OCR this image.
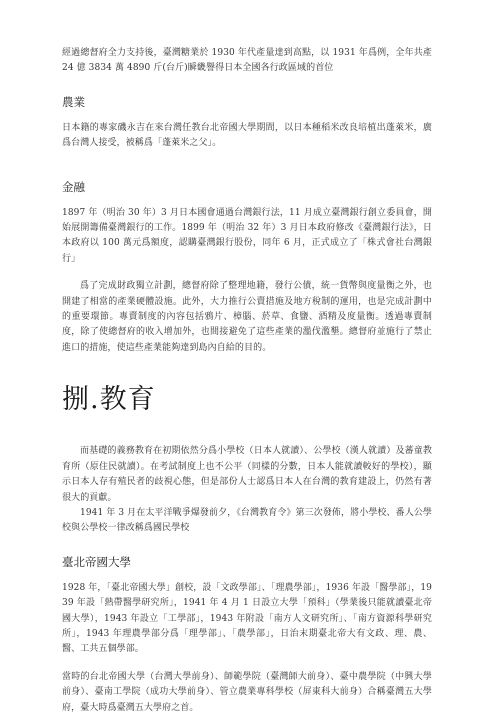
經過總督府全力支持後，臺灣糖業於 1930 年代產量達到高點，以 1931 年爲例，全年共產 24 億 3834 萬 4890 斤(台斤)瞬畿譽得日本全國各行政區域的首位

農業

日本籍的專家磯永吉在來台灣任教台北帝國大學期間，以日本種稻米改良培植出蓬萊米，廣爲台灣人接受，被稱爲「蓬萊米之父」。

金融

1897 年（明治 30 年）3 月日本國會通過台灣銀行法，11 月成立臺灣銀行創立委員會，開始展開籌備臺灣銀行的工作。1899 年（明治 32 年）3 月日本政府修改《臺灣銀行法》，日本政府以 100 萬元爲額度，認購臺灣銀行股份，同年 6 月，正式成立了「株式會社台灣銀行」

爲了完成財政獨立計劃，總督府除了整理地籍，發行公債，統一貨幣與度量衡之外，也開建了相當的產業硬體設施。此外，大力推行公賣措施及地方稅制的運用，也是完成計劃中的重要環節。專賣制度的內容包括鴉片、樟腦、菸草、食鹽、酒精及度量衡。透過專賣制度，除了使總督府的收入增加外，也間接避免了這些產業的濫伐濫墾。總督府並施行了禁止進口的措施，使這些產業能夠達到島內自給的目的。

捌.教育

而基礎的義務教育在初期依然分爲小學校（日本人就讀）、公學校（漢人就讀）及蕃童教育所（原住民就讀）。在考試制度上也不公平（同樣的分數，日本人能就讀較好的學校），顯示日本人存有殖民者的歧視心態，但是部份人士認爲日本人在台灣的教育建設上，仍然有著很大的貢獻。

1941 年 3 月在太平洋戰爭爆發前夕，《台灣教育令》第三次發佈，將小學校、番人公學校與公學校一律改稱爲國民學校

臺北帝國大學

1928 年，「臺北帝國大學」創校，設「文政學部」、「理農學部」，1936 年設「醫學部」，1939 年設「熱帶醫學研究所」，1941 年 4 月 1 日設立大學「預科」（學業後只能就讀臺北帝國大學），1943 年設立「工學部」，1943 年附設「南方人文研究所」、「南方資源科學研究所」，1943 年理農學部分爲「理學部」、「農學部」，日治末期臺北帝大有文政、理、農、醫、工共五個學部。

當時的台北帝國大學（台灣大學前身）、師範學院（臺灣師大前身）、臺中農學院（中興大學前身）、臺南工學院（成功大學前身）、管立農業專科學校（屏東科大前身）合稱臺灣五大學府，臺大時爲臺灣五大學府之首。
